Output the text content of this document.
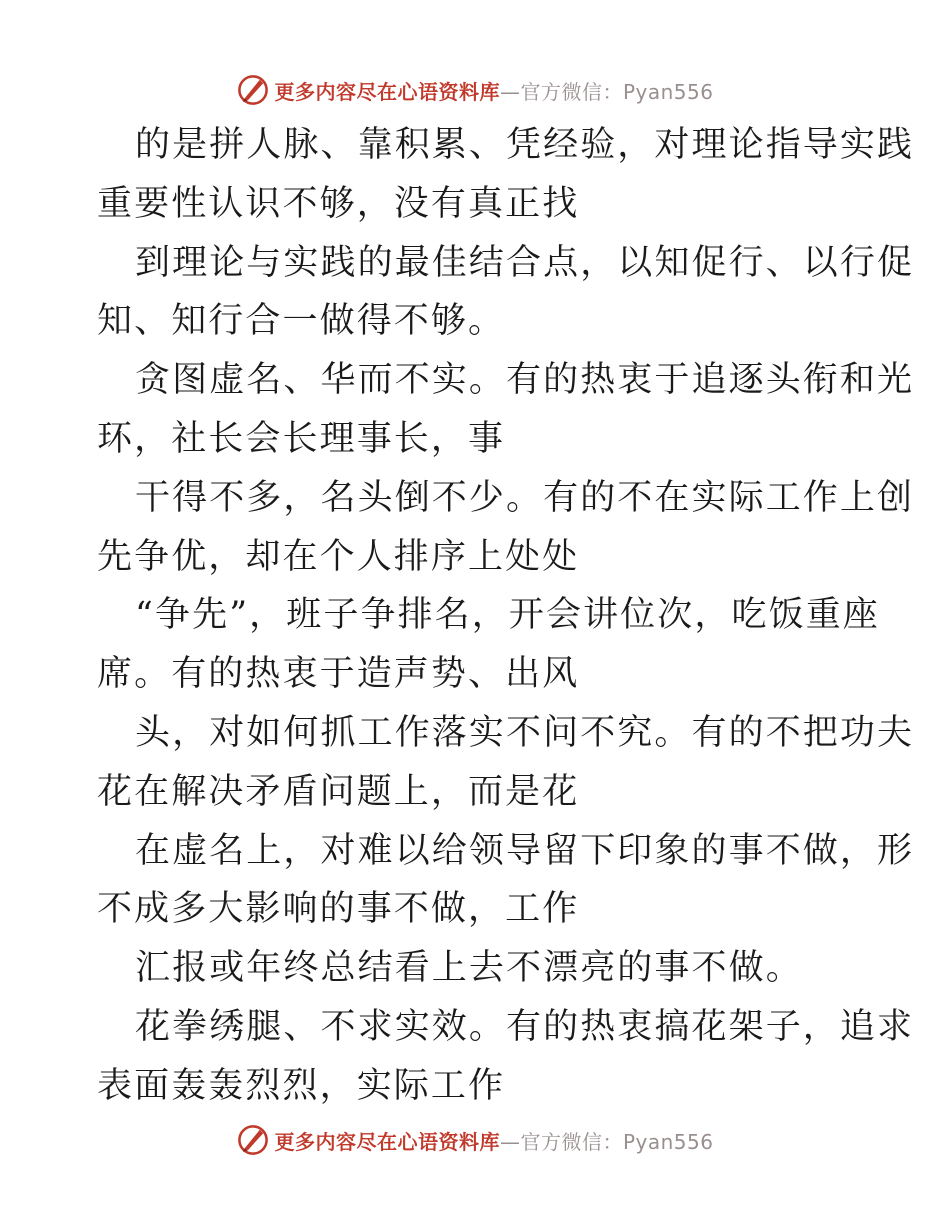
更多内容尽在心语资料库 —官方微信：Pyan556
的是拼人脉、靠积累、凭经验，对理论指导实践
重要性认识不够，没有真正找
到理论与实践的最佳结合点，以知促行、以行促
知、知行合一做得不够。
贪图虚名、华而不实。有的热衷于追逐头衔和光
环，社长会长理事长，事
干得不多，名头倒不少。有的不在实际工作上创
先争优，却在个人排序上处处
“争先”，班子争排名，开会讲位次，吃饭重座
席。有的热衷于造声势、出风
头，对如何抓工作落实不问不究。有的不把功夫
花在解决矛盾问题上，而是花
在虚名上，对难以给领导留下印象的事不做，形
不成多大影响的事不做，工作
汇报或年终总结看上去不漂亮的事不做。
花拳绣腿、不求实效。有的热衷搞花架子，追求
表面轰轰烈烈，实际工作
更多内容尽在心语资料库 —官方微信：Pyan556
